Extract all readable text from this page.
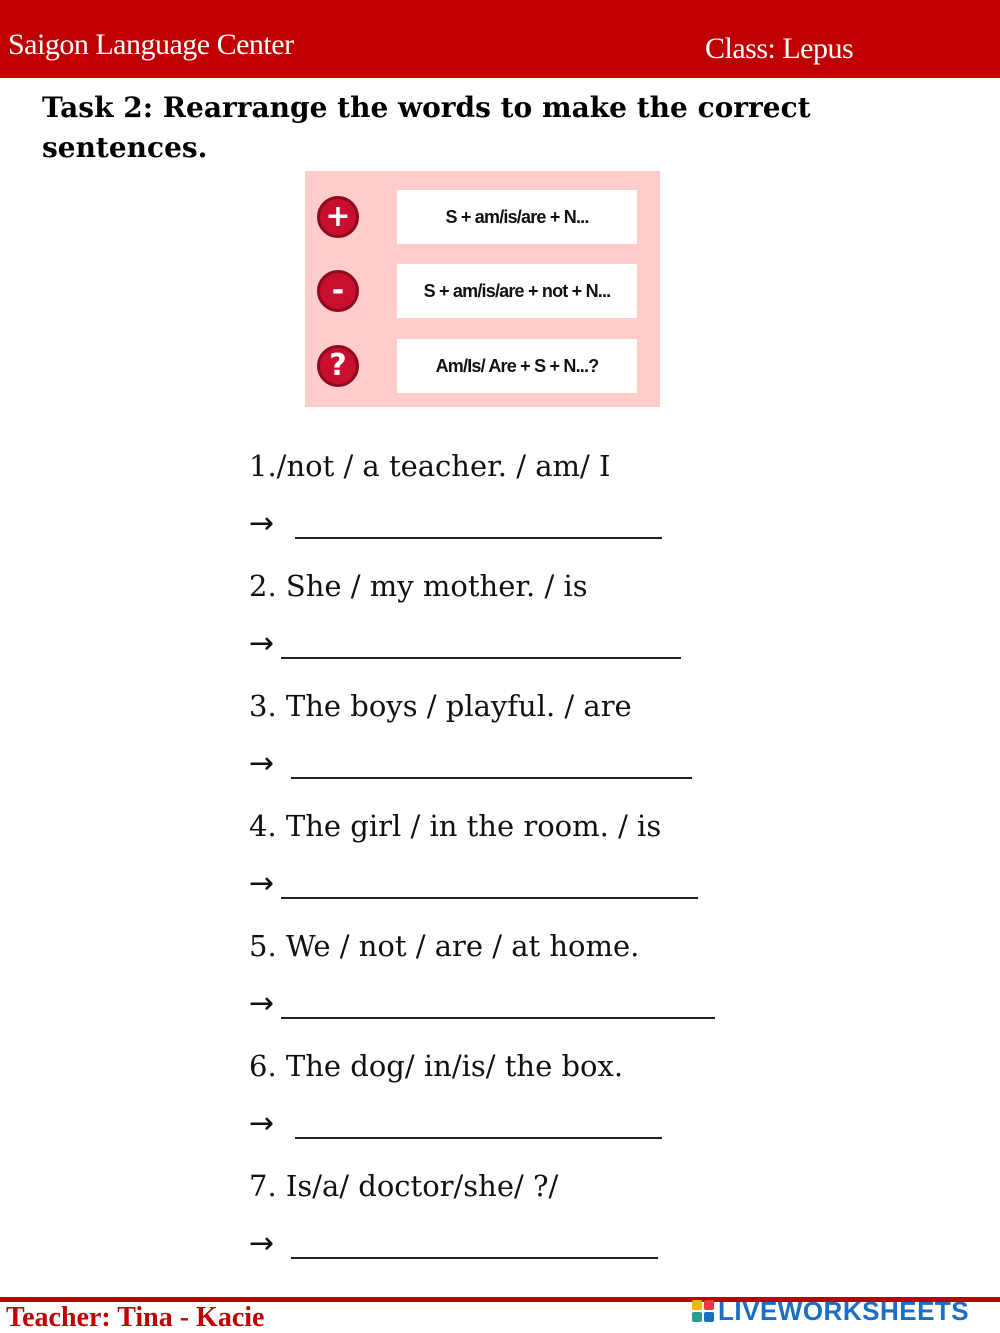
Saigon Language Center	Class: Lepus
Task 2: Rearrange the words to make the correct sentences.
+	S + am/is/are + N...
-	S + am/is/are + not + N...
?	Am/Is/ Are + S + N...?
1./not / a teacher. / am/ I
→
2. She / my mother. / is
→
3. The boys / playful. / are
→
4. The girl / in the room. / is
→
5. We / not / are / at home.
→
6. The dog/ in/is/ the box.
→
7. Is/a/ doctor/she/ ?/
→
Teacher: Tina - Kacie	LIVEWORKSHEETS
